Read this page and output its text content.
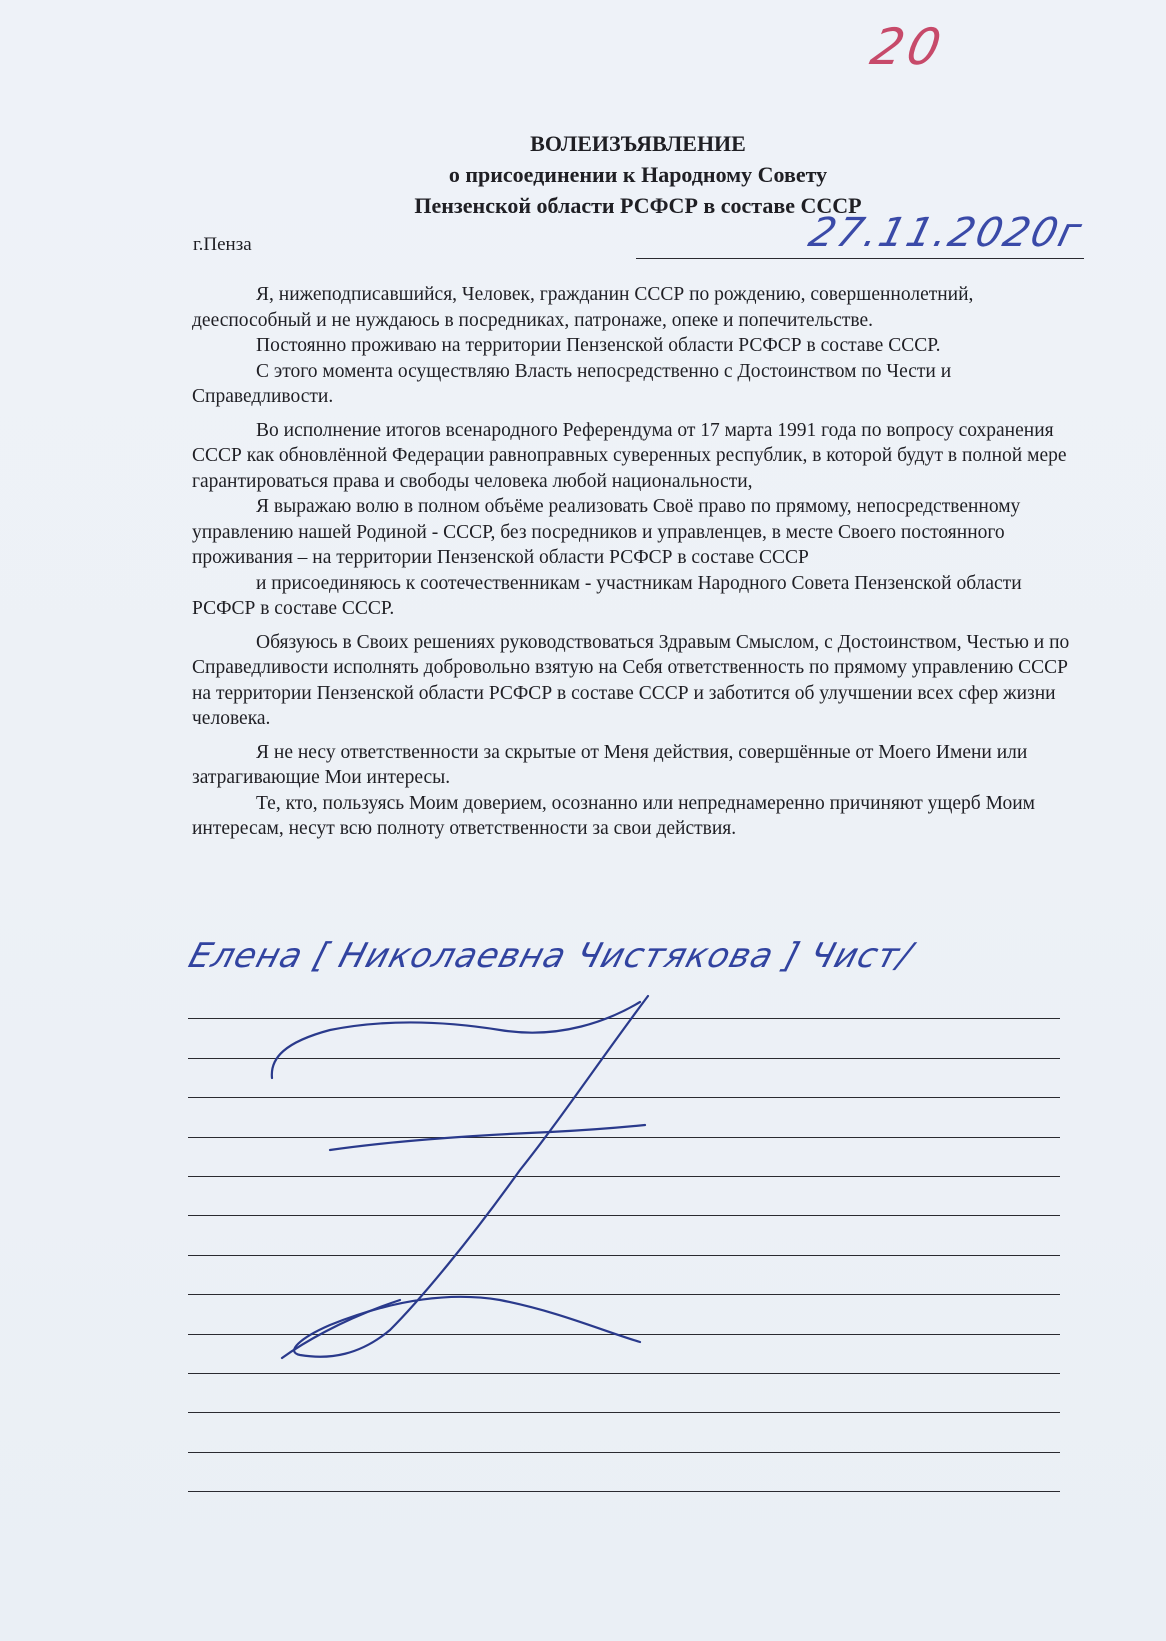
20
ВОЛЕИЗЪЯВЛЕНИЕ
о присоединении к Народному Совету
Пензенской области РСФСР в составе СССР
г.Пенза	27.11.2020г

Я, нижеподписавшийся, Человек, гражданин СССР по рождению, совершеннолетний, дееспособный и не нуждаюсь в посредниках, патронаже, опеке и попечительстве.

Постоянно проживаю на территории Пензенской области РСФСР в составе СССР.

С этого момента осуществляю Власть непосредственно с Достоинством по Чести и Справедливости.

Во исполнение итогов всенародного Референдума от 17 марта 1991 года по вопросу сохранения СССР как обновлённой Федерации равноправных суверенных республик, в которой будут в полной мере гарантироваться права и свободы человека любой национальности,

Я выражаю волю в полном объёме реализовать Своё право по прямому, непосредственному управлению нашей Родиной - СССР, без посредников и управленцев, в месте Своего постоянного проживания – на территории Пензенской области РСФСР в составе СССР

и присоединяюсь к соотечественникам - участникам Народного Совета Пензенской области РСФСР в составе СССР.

Обязуюсь в Своих решениях руководствоваться Здравым Смыслом, с Достоинством, Честью и по Справедливости исполнять добровольно взятую на Себя ответственность по прямому управлению СССР на территории Пензенской области РСФСР в составе СССР и заботится об улучшении всех сфер жизни человека.

Я не несу ответственности за скрытые от Меня действия, совершённые от Моего Имени или затрагивающие Мои интересы.

Те, кто, пользуясь Моим доверием, осознанно или непреднамеренно причиняют ущерб Моим интересам, несут всю полноту ответственности за свои действия.

Елена [ Николаевна Чистякова ] Чист/
